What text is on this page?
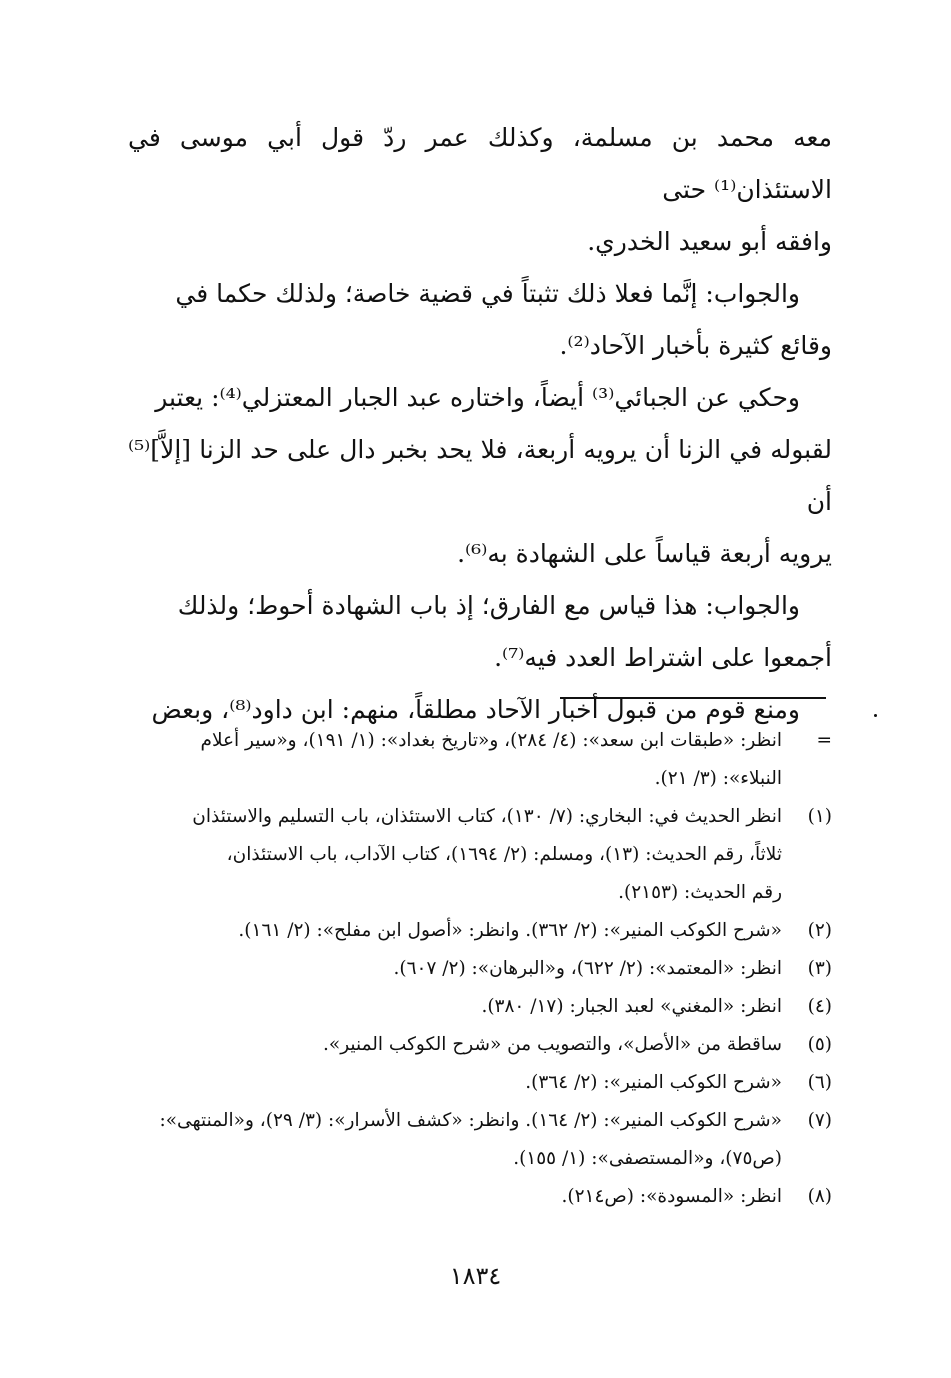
معه محمد بن مسلمة، وكذلك عمر ردّ قول أبي موسى في الاستئذان⁽¹⁾ حتى
وافقه أبو سعيد الخدري.

والجواب: إنَّما فعلا ذلك تثبتاً في قضية خاصة؛ ولذلك حكما في
وقائع كثيرة بأخبار الآحاد⁽²⁾.

وحكي عن الجبائي⁽³⁾ أيضاً، واختاره عبد الجبار المعتزلي⁽⁴⁾: يعتبر
لقبوله في الزنا أن يرويه أربعة، فلا يحد بخبر دال على حد الزنا [إلاَّ]⁽⁵⁾ أن
يرويه أربعة قياساً على الشهادة به⁽⁶⁾.

والجواب: هذا قياس مع الفارق؛ إذ باب الشهادة أحوط؛ ولذلك
أجمعوا على اشتراط العدد فيه⁽⁷⁾.

ومنع قوم من قبول أخبار الآحاد مطلقاً، منهم: ابن داود⁽⁸⁾، وبعض

=
انظر: «طبقات ابن سعد»: (٤/ ٢٨٤)، و«تاريخ بغداد»: (١/ ١٩١)، و«سير أعلام
النبلاء»: (٣/ ٢١).
(١)
انظر الحديث في: البخاري: (٧/ ١٣٠)، كتاب الاستئذان، باب التسليم والاستئذان
ثلاثاً، رقم الحديث: (١٣)، ومسلم: (٢/ ١٦٩٤)، كتاب الآداب، باب الاستئذان،
رقم الحديث: (٢١٥٣).
(٢)
«شرح الكوكب المنير»: (٢/ ٣٦٢). وانظر: «أصول ابن مفلح»: (٢/ ١٦١).
(٣)
انظر: «المعتمد»: (٢/ ٦٢٢)، و«البرهان»: (٢/ ٦٠٧).
(٤)
انظر: «المغني» لعبد الجبار: (١٧/ ٣٨٠).
(٥)
ساقطة من «الأصل»، والتصويب من «شرح الكوكب المنير».
(٦)
«شرح الكوكب المنير»: (٢/ ٣٦٤).
(٧)
«شرح الكوكب المنير»: (٢/ ١٦٤). وانظر: «كشف الأسرار»: (٣/ ٢٩)، و«المنتهى»:
(ص٧٥)، و«المستصفى»: (١/ ١٥٥).
(٨)
انظر: «المسودة»: (ص٢١٤).
١٨٣٤
